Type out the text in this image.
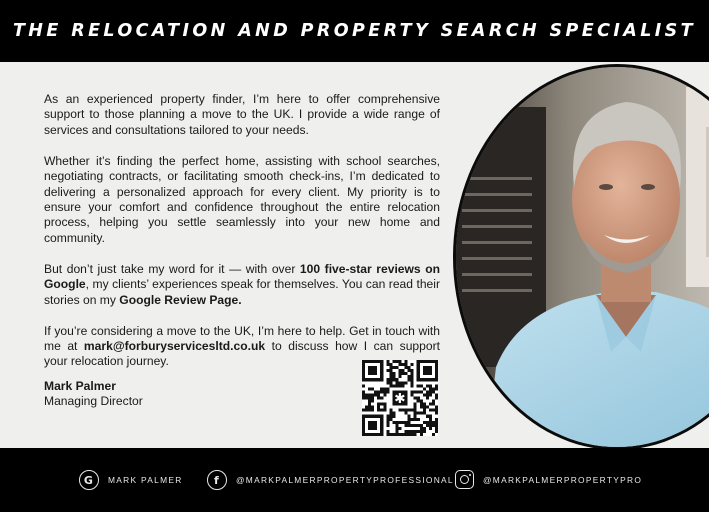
THE RELOCATION AND PROPERTY SEARCH SPECIALIST

As an experienced property finder, I’m here to offer comprehensive support to those planning a move to the UK. I provide a wide range of services and consultations tailored to your needs.

Whether it’s finding the perfect home, assisting with school searches, negotiating contracts, or facilitating smooth check-ins, I’m dedicated to delivering a personalized approach for every client. My priority is to ensure your comfort and confidence throughout the entire relocation process, helping you settle seamlessly into your new home and community.

But don’t just take my word for it — with over 100 five-star reviews on Google, my clients’ experiences speak for themselves. You can read their stories on my Google Review Page.

If you’re considering a move to the UK, I’m here to help. Get in touch with me at mark@forburyservicesltd.co.uk to discuss how I can support your relocation journey.

Mark Palmer
Managing Director	✱
G	MARK PALMER	f	@MARKPALMERPROPERTYPROFESSIONAL	@MARKPALMERPROPERTYPRO
